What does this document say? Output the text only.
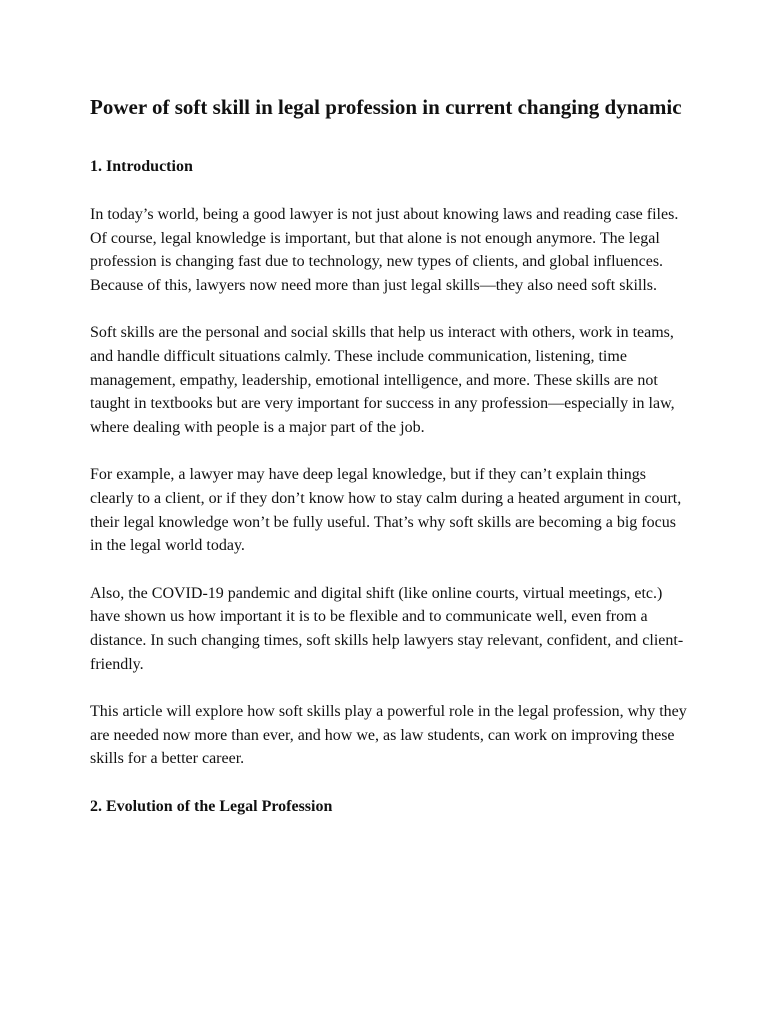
Power of soft skill in legal profession in current changing dynamic
1. Introduction

In today’s world, being a good lawyer is not just about knowing laws and reading case files. Of course, legal knowledge is important, but that alone is not enough anymore. The legal profession is changing fast due to technology, new types of clients, and global influences. Because of this, lawyers now need more than just legal skills—they also need soft skills.

Soft skills are the personal and social skills that help us interact with others, work in teams, and handle difficult situations calmly. These include communication, listening, time management, empathy, leadership, emotional intelligence, and more. These skills are not taught in textbooks but are very important for success in any profession—especially in law, where dealing with people is a major part of the job.

For example, a lawyer may have deep legal knowledge, but if they can’t explain things clearly to a client, or if they don’t know how to stay calm during a heated argument in court, their legal knowledge won’t be fully useful. That’s why soft skills are becoming a big focus in the legal world today.

Also, the COVID-19 pandemic and digital shift (like online courts, virtual meetings, etc.) have shown us how important it is to be flexible and to communicate well, even from a distance. In such changing times, soft skills help lawyers stay relevant, confident, and client-friendly.

This article will explore how soft skills play a powerful role in the legal profession, why they are needed now more than ever, and how we, as law students, can work on improving these skills for a better career.

2. Evolution of the Legal Profession
